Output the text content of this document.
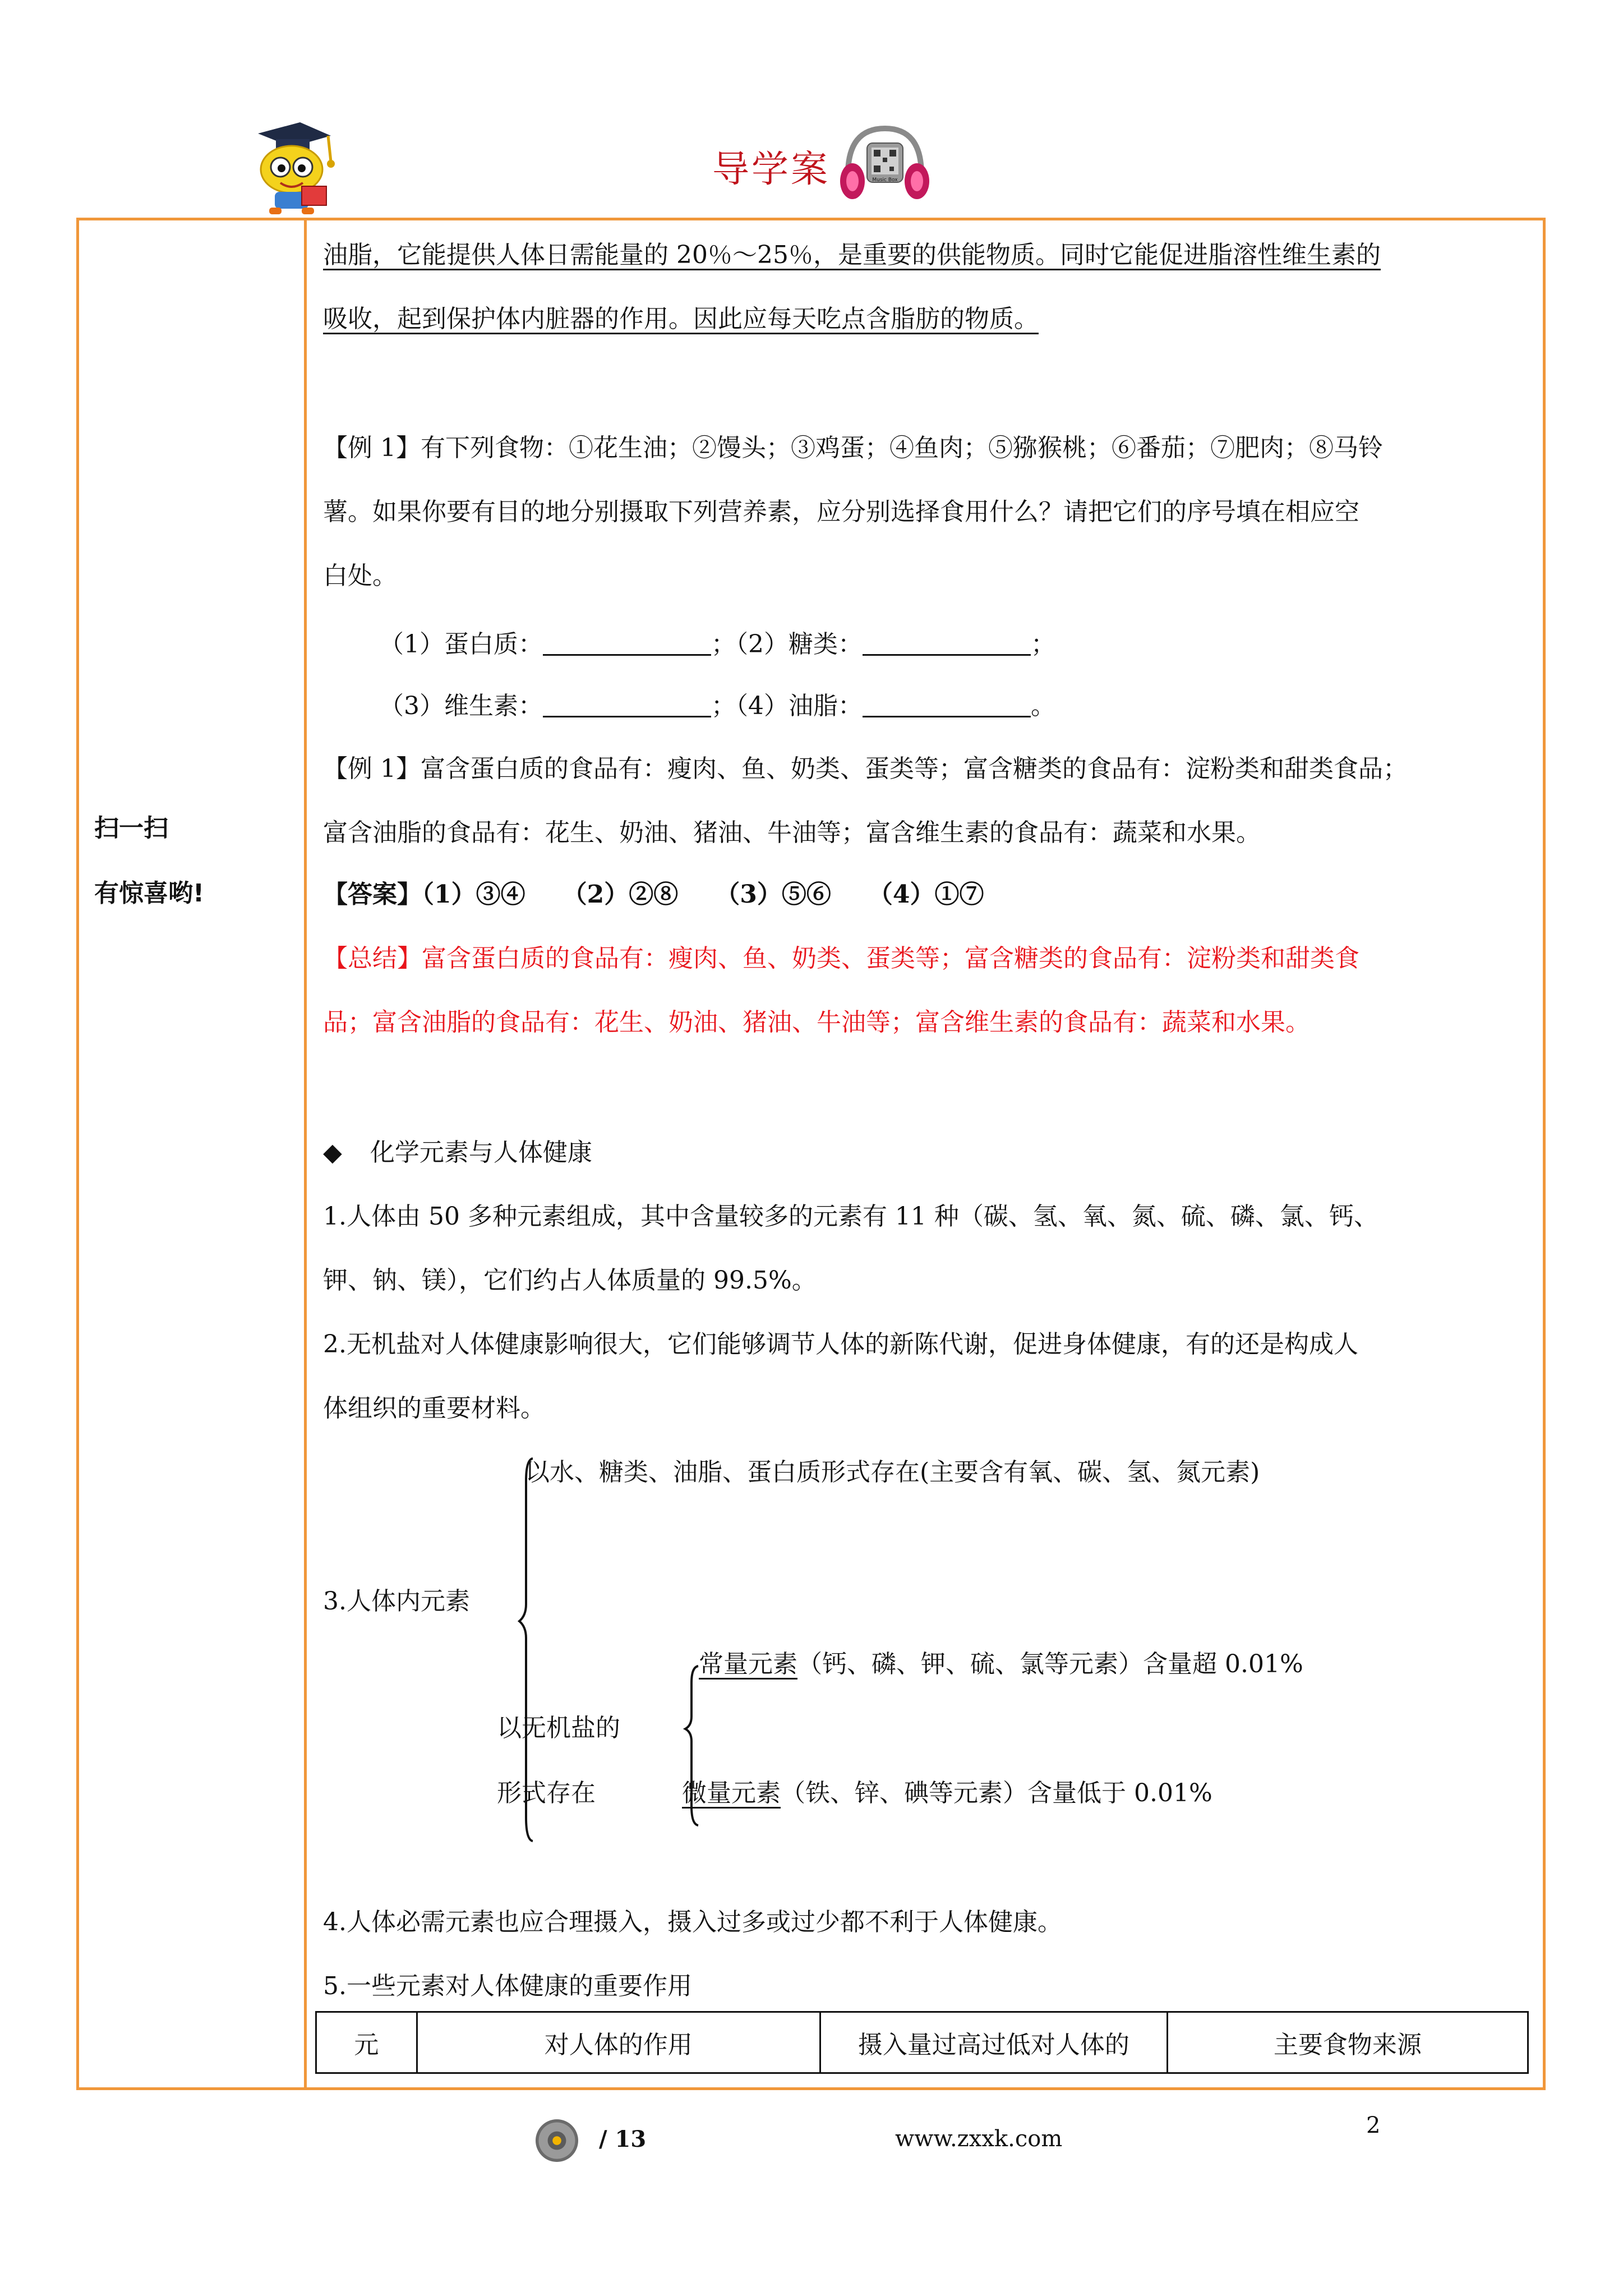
导学案	Music Box
扫一扫
有惊喜哟!
油脂，它能提供人体日需能量的 20％～25％，是重要的供能物质。同时它能促进脂溶性维生素的
吸收，起到保护体内脏器的作用。因此应每天吃点含脂肪的物质。
【例 1】有下列食物：①花生油；②馒头；③鸡蛋；④鱼肉；⑤猕猴桃；⑥番茄；⑦肥肉；⑧马铃
薯。如果你要有目的地分别摄取下列营养素，应分别选择食用什么？请把它们的序号填在相应空
白处。
（1）蛋白质：	；（2）糖类：	；
（3）维生素：	；（4）油脂：	。
【例 1】富含蛋白质的食品有：瘦肉、鱼、奶类、蛋类等；富含糖类的食品有：淀粉类和甜类食品；
富含油脂的食品有：花生、奶油、猪油、牛油等；富含维生素的食品有：蔬菜和水果。
【答案】（1）③④　　（2）②⑧　　（3）⑤⑥　　（4）①⑦
【总结】富含蛋白质的食品有：瘦肉、鱼、奶类、蛋类等；富含糖类的食品有：淀粉类和甜类食
品；富含油脂的食品有：花生、奶油、猪油、牛油等；富含维生素的食品有：蔬菜和水果。
◆ 化学元素与人体健康
1.人体由 50 多种元素组成，其中含量较多的元素有 11 种（碳、氢、氧、氮、硫、磷、氯、钙、
钾、钠、镁），它们约占人体质量的 99.5%。
2.无机盐对人体健康影响很大，它们能够调节人体的新陈代谢，促进身体健康，有的还是构成人
体组织的重要材料。
以水、糖类、油脂、蛋白质形式存在(主要含有氧、碳、氢、氮元素)
3.人体内元素
常量元素（钙、磷、钾、硫、氯等元素）含量超 0.01%
以无机盐的
形式存在	微量元素（铁、锌、碘等元素）含量低于 0.01%
4.人体必需元素也应合理摄入，摄入过多或过少都不利于人体健康。
5.一些元素对人体健康的重要作用
元	对人体的作用	摄入量过高过低对人体的	主要食物来源
/ 13	www.zxxk.com
2
